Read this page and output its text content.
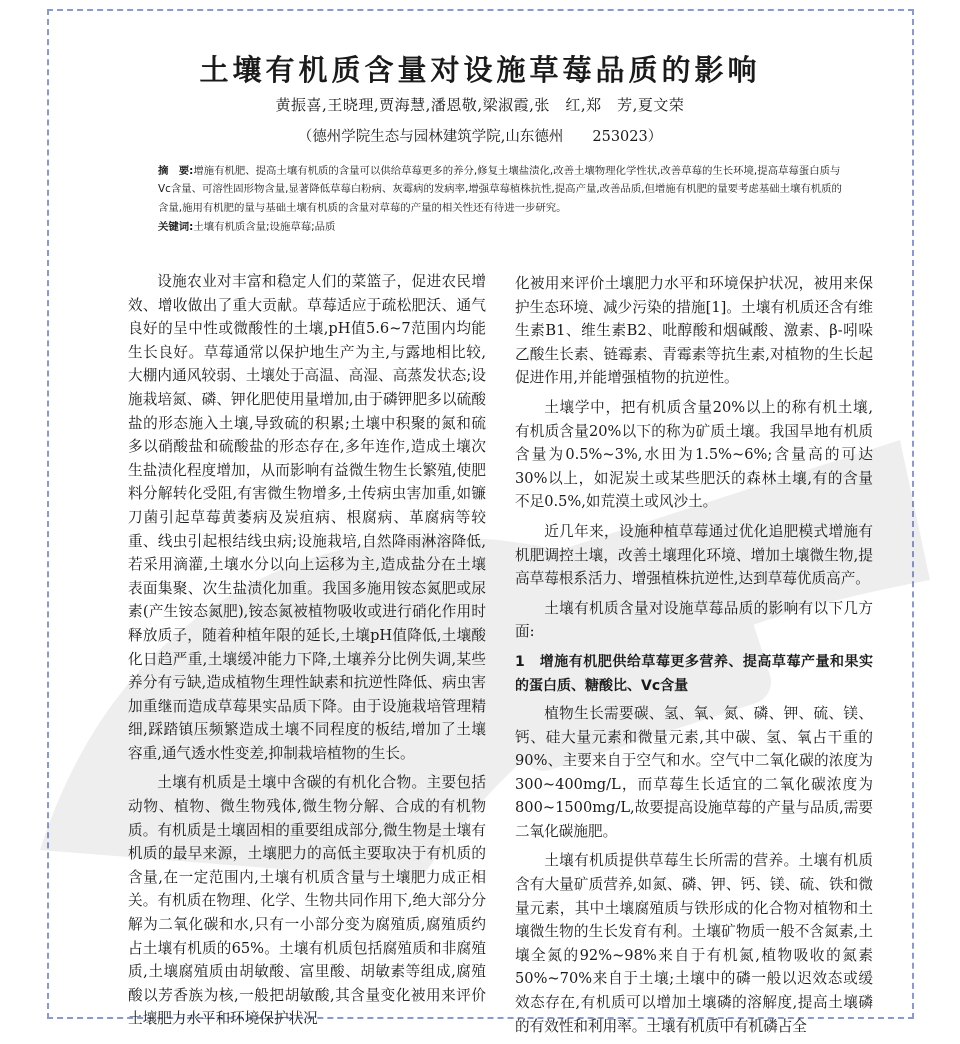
土壤有机质含量对设施草莓品质的影响
黄振喜,王晓理,贾海慧,潘恩敬,梁淑霞,张　红,郑　芳,夏文荣
（德州学院生态与园林建筑学院,山东德州　　253023）
摘　要:增施有机肥、提高土壤有机质的含量可以供给草莓更多的养分,修复土壤盐渍化,改善土壤物理化学性状,改善草莓的生长环境,提高草莓蛋白质与Vc含量、可溶性固形物含量,显著降低草莓白粉病、灰霉病的发病率,增强草莓植株抗性,提高产量,改善品质,但增施有机肥的量要考虑基础土壤有机质的含量,施用有机肥的量与基础土壤有机质的含量对草莓的产量的相关性还有待进一步研究。
关键词:土壤有机质含量;设施草莓;品质

设施农业对丰富和稳定人们的菜篮子，促进农民增效、增收做出了重大贡献。草莓适应于疏松肥沃、通气良好的呈中性或微酸性的土壤,pH值5.6~7范围内均能生长良好。草莓通常以保护地生产为主,与露地相比较,大棚内通风较弱、土壤处于高温、高湿、高蒸发状态;设施栽培氮、磷、钾化肥使用量增加,由于磷钾肥多以硫酸盐的形态施入土壤,导致硫的积累;土壤中积聚的氮和硫多以硝酸盐和硫酸盐的形态存在,多年连作,造成土壤次生盐渍化程度增加，从而影响有益微生物生长繁殖,使肥料分解转化受阻,有害微生物增多,土传病虫害加重,如镰刀菌引起草莓黄萎病及炭疽病、根腐病、革腐病等较重、线虫引起根结线虫病;设施栽培,自然降雨淋溶降低,若采用滴灌,土壤水分以向上运移为主,造成盐分在土壤表面集聚、次生盐渍化加重。我国多施用铵态氮肥或尿素(产生铵态氮肥),铵态氮被植物吸收或进行硝化作用时释放质子，随着种植年限的延长,土壤pH值降低,土壤酸化日趋严重,土壤缓冲能力下降,土壤养分比例失调,某些养分有亏缺,造成植物生理性缺素和抗逆性降低、病虫害加重继而造成草莓果实品质下降。由于设施栽培管理精细,踩踏镇压频繁造成土壤不同程度的板结,增加了土壤容重,通气透水性变差,抑制栽培植物的生长。

土壤有机质是土壤中含碳的有机化合物。主要包括动物、植物、微生物残体,微生物分解、合成的有机物质。有机质是土壤固相的重要组成部分,微生物是土壤有机质的最早来源，土壤肥力的高低主要取决于有机质的含量,在一定范围内,土壤有机质含量与土壤肥力成正相关。有机质在物理、化学、生物共同作用下,绝大部分分解为二氧化碳和水,只有一小部分变为腐殖质,腐殖质约占土壤有机质的65%。土壤有机质包括腐殖质和非腐殖质,土壤腐殖质由胡敏酸、富里酸、胡敏素等组成,腐殖酸以芳香族为核,一般把胡敏酸,其含量变化被用来评价土壤肥力水平和环境保护状况

化被用来评价土壤肥力水平和环境保护状况，被用来保护生态环境、减少污染的措施[1]。土壤有机质还含有维生素B1、维生素B2、吡醇酸和烟碱酸、激素、β-吲哚乙酸生长素、链霉素、青霉素等抗生素,对植物的生长起促进作用,并能增强植物的抗逆性。

土壤学中，把有机质含量20%以上的称有机土壤,有机质含量20%以下的称为矿质土壤。我国旱地有机质含量为0.5%~3%,水田为1.5%~6%;含量高的可达30%以上，如泥炭土或某些肥沃的森林土壤,有的含量不足0.5%,如荒漠土或风沙土。

近几年来，设施种植草莓通过优化追肥模式增施有机肥调控土壤，改善土壤理化环境、增加土壤微生物,提高草莓根系活力、增强植株抗逆性,达到草莓优质高产。

土壤有机质含量对设施草莓品质的影响有以下几方面:

1　增施有机肥供给草莓更多营养、提高草莓产量和果实的蛋白质、糖酸比、Vc含量

植物生长需要碳、氢、氧、氮、磷、钾、硫、镁、钙、硅大量元素和微量元素,其中碳、氢、氧占干重的90%、主要来自于空气和水。空气中二氧化碳的浓度为300~400mg/L，而草莓生长适宜的二氧化碳浓度为800~1500mg/L,故要提高设施草莓的产量与品质,需要二氧化碳施肥。

土壤有机质提供草莓生长所需的营养。土壤有机质含有大量矿质营养,如氮、磷、钾、钙、镁、硫、铁和微量元素，其中土壤腐殖质与铁形成的化合物对植物和土壤微生物的生长发育有利。土壤矿物质一般不含氮素,土壤全氮的92%~98%来自于有机氮,植物吸收的氮素50%~70%来自于土壤;土壤中的磷一般以迟效态或缓效态存在,有机质可以增加土壤磷的溶解度,提高土壤磷的有效性和利用率。土壤有机质中有机磷占全
